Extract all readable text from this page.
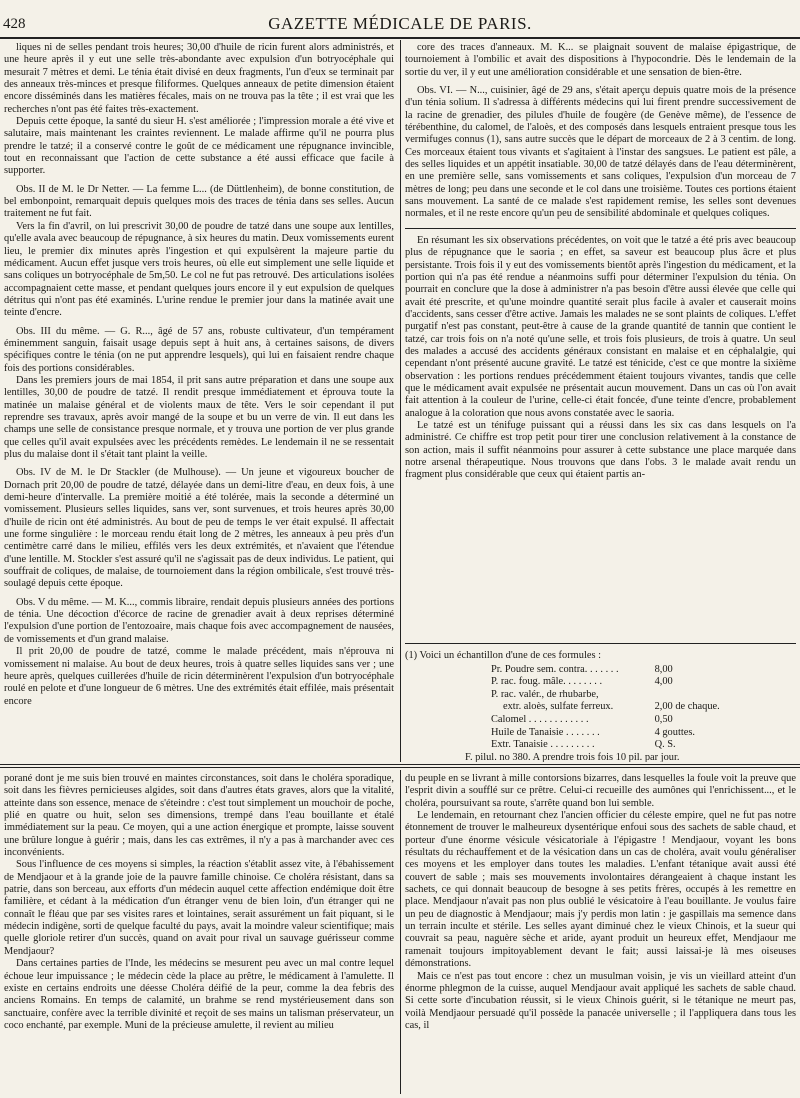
428	GAZETTE MÉDICALE DE PARIS.

liques ni de selles pendant trois heures; 30,00 d'huile de ricin furent alors administrés, et une heure après il y eut une selle très-abondante avec expulsion d'un botryocéphale qui mesurait 7 mètres et demi. Le ténia était divisé en deux fragments, l'un d'eux se terminait par des anneaux très-minces et presque filiformes. Quelques anneaux de petite dimension étaient encore disséminés dans les matières fécales, mais on ne trouva pas la tête ; il est vrai que les recherches n'ont pas été faites très-exactement.

Depuis cette époque, la santé du sieur H. s'est améliorée ; l'impression morale a été vive et salutaire, mais maintenant les craintes reviennent. Le malade affirme qu'il ne pourra plus prendre le tatzé; il a conservé contre le goût de ce médicament une répugnance invincible, tout en reconnaissant que l'action de cette substance a été aussi efficace que facile à supporter.

Obs. II de M. le Dr Netter. — La femme L... (de Düttlenheim), de bonne constitution, de bel embonpoint, remarquait depuis quelques mois des traces de ténia dans ses selles. Aucun traitement ne fut fait.

Vers la fin d'avril, on lui prescrivit 30,00 de poudre de tatzé dans une soupe aux lentilles, qu'elle avala avec beaucoup de répugnance, à six heures du matin. Deux vomissements eurent lieu, le premier dix minutes après l'ingestion et qui expulsèrent la majeure partie du médicament. Aucun effet jusque vers trois heures, où elle eut simplement une selle liquide et sans coliques un botryocéphale de 5m,50. Le col ne fut pas retrouvé. Des articulations isolées accompagnaient cette masse, et pendant quelques jours encore il y eut expulsion de quelques détritus qui n'ont pas été examinés. L'urine rendue le premier jour dans la matinée avait une teinte d'encre.

Obs. III du même. — G. R..., âgé de 57 ans, robuste cultivateur, d'un tempérament éminemment sanguin, faisait usage depuis sept à huit ans, à certaines saisons, de divers spécifiques contre le ténia (on ne put apprendre lesquels), qui lui en faisaient rendre chaque fois des portions considérables.

Dans les premiers jours de mai 1854, il prit sans autre préparation et dans une soupe aux lentilles, 30,00 de poudre de tatzé. Il rendit presque immédiatement et éprouva toute la matinée un malaise général et de violents maux de tête. Vers le soir cependant il put reprendre ses travaux, après avoir mangé de la soupe et bu un verre de vin. Il eut dans les champs une selle de consistance presque normale, et y trouva une portion de ver plus grande que celles qu'il avait expulsées avec les précédents remèdes. Le lendemain il ne se ressentait plus du malaise dont il s'était tant plaint la veille.

Obs. IV de M. le Dr Stackler (de Mulhouse). — Un jeune et vigoureux boucher de Dornach prit 20,00 de poudre de tatzé, délayée dans un demi-litre d'eau, en deux fois, à une demi-heure d'intervalle. La première moitié a été tolérée, mais la seconde a déterminé un vomissement. Plusieurs selles liquides, sans ver, sont survenues, et trois heures après 30,00 d'huile de ricin ont été administrés. Au bout de peu de temps le ver était expulsé. Il affectait une forme singulière : le morceau rendu était long de 2 mètres, les anneaux à peu près d'un centimètre carré dans le milieu, effilés vers les deux extrémités, et n'avaient que l'étendue d'une lentille. M. Stockler s'est assuré qu'il ne s'agissait pas de deux individus. Le patient, qui souffrait de coliques, de malaise, de tournoiement dans la région ombilicale, s'est trouvé très-soulagé depuis cette époque.

Obs. V du même. — M. K..., commis libraire, rendait depuis plusieurs années des portions de ténia. Une décoction d'écorce de racine de grenadier avait à deux reprises déterminé l'expulsion d'une portion de l'entozoaire, mais chaque fois avec accompagnement de nausées, de vomissements et d'un grand malaise.

Il prit 20,00 de poudre de tatzé, comme le malade précédent, mais n'éprouva ni vomissement ni malaise. Au bout de deux heures, trois à quatre selles liquides sans ver ; une heure après, quelques cuillerées d'huile de ricin déterminèrent l'expulsion d'un botryocéphale roulé en pelote et d'une longueur de 6 mètres. Une des extrémités était effilée, mais présentait encore

core des traces d'anneaux. M. K... se plaignait souvent de malaise épigastrique, de tournoiement à l'ombilic et avait des dispositions à l'hypocondrie. Dès le lendemain de la sortie du ver, il y eut une amélioration considérable et une sensation de bien-être.

Obs. VI. — N..., cuisinier, âgé de 29 ans, s'était aperçu depuis quatre mois de la présence d'un ténia solium. Il s'adressa à différents médecins qui lui firent prendre successivement de la racine de grenadier, des pilules d'huile de fougère (de Genève même), de l'essence de térébenthine, du calomel, de l'aloès, et des composés dans lesquels entraient presque tous les vermifuges connus (1), sans autre succès que le départ de morceaux de 2 à 3 centim. de long. Ces morceaux étaient tous vivants et s'agitaient à l'instar des sangsues. Le patient est pâle, a des selles liquides et un appétit insatiable. 30,00 de tatzé délayés dans de l'eau déterminèrent, en une première selle, sans vomissements et sans coliques, l'expulsion d'un morceau de 7 mètres de long; peu dans une seconde et le col dans une troisième. Toutes ces portions étaient sans mouvement. La santé de ce malade s'est rapidement remise, les selles sont devenues normales, et il ne reste encore qu'un peu de sensibilité abdominale et quelques coliques.

En résumant les six observations précédentes, on voit que le tatzé a été pris avec beaucoup plus de répugnance que le saoria ; en effet, sa saveur est beaucoup plus âcre et plus persistante. Trois fois il y eut des vomissements bientôt après l'ingestion du médicament, et la portion qui n'a pas été rendue a néanmoins suffi pour déterminer l'expulsion du ténia. On pourrait en conclure que la dose à administrer n'a pas besoin d'être aussi élevée que celle qui avait été prescrite, et qu'une moindre quantité serait plus facile à avaler et causerait moins d'accidents, sans cesser d'être active. Jamais les malades ne se sont plaints de coliques. L'effet purgatif n'est pas constant, peut-être à cause de la grande quantité de tannin que contient le tatzé, car trois fois on n'a noté qu'une selle, et trois fois plusieurs, de trois à quatre. Un seul des malades a accusé des accidents généraux consistant en malaise et en céphalalgie, qui cependant n'ont présenté aucune gravité. Le tatzé est ténicide, c'est ce que montre la sixième observation : les portions rendues précédemment étaient toujours vivantes, tandis que celle que le médicament avait expulsée ne présentait aucun mouvement. Dans un cas où l'on avait fait attention à la couleur de l'urine, celle-ci était foncée, d'une teinte d'encre, probablement analogue à la coloration que nous avons constatée avec le saoria.

Le tatzé est un ténifuge puissant qui a réussi dans les six cas dans lesquels on l'a administré. Ce chiffre est trop petit pour tirer une conclusion relativement à la constance de son action, mais il suffit néanmoins pour assurer à cette substance une place marquée dans notre arsenal thérapeutique. Nous trouvons que dans l'obs. 3 le malade avait rendu un fragment plus considérable que ceux qui étaient partis an-

(1) Voici un échantillon d'une de ces formules :

Pr. Poudre sem. contra. . . . . . .	8,00
P. rac. foug. mâle. . . . . . . .	4,00
P. rac. valér., de rhubarbe,	
extr. aloès, sulfate ferreux.	2,00 de chaque.
Calomel . . . . . . . . . . . .	0,50
Huile de Tanaisie . . . . . . .	4 gouttes.
Extr. Tanaisie . . . . . . . . .	Q. S.

F. pilul. no 380. A prendre trois fois 10 pil. par jour.

porané dont je me suis bien trouvé en maintes circonstances, soit dans le choléra sporadique, soit dans les fièvres pernicieuses algides, soit dans d'autres états graves, alors que la vitalité, atteinte dans son essence, menace de s'éteindre : c'est tout simplement un mouchoir de poche, plié en quatre ou huit, selon ses dimensions, trempé dans l'eau bouillante et étalé immédiatement sur la peau. Ce moyen, qui a une action énergique et prompte, laisse souvent une brûlure longue à guérir ; mais, dans les cas extrêmes, il n'y a pas à marchander avec ces inconvénients.

Sous l'influence de ces moyens si simples, la réaction s'établit assez vite, à l'ébahissement de Mendjaour et à la grande joie de la pauvre famille chinoise. Ce choléra résistant, dans sa patrie, dans son berceau, aux efforts d'un médecin auquel cette affection endémique doit être familière, et cédant à la médication d'un étranger venu de bien loin, d'un étranger qui ne connaît le fléau que par ses visites rares et lointaines, serait assurément un fait piquant, si le médecin indigène, sorti de quelque faculté du pays, avait la moindre valeur scientifique; mais quelle gloriole retirer d'un succès, quand on avait pour rival un sauvage guérisseur comme Mendjaour?

Dans certaines parties de l'Inde, les médecins se mesurent peu avec un mal contre lequel échoue leur impuissance ; le médecin cède la place au prêtre, le médicament à l'amulette. Il existe en certains endroits une déesse Choléra déifié de la peur, comme la dea febris des anciens Romains. En temps de calamité, un brahme se rend mystérieusement dans son sanctuaire, confère avec la terrible divinité et reçoit de ses mains un talisman préservateur, un coco enchanté, par exemple. Muni de la précieuse amulette, il revient au milieu

du peuple en se livrant à mille contorsions bizarres, dans lesquelles la foule voit la preuve que l'esprit divin a soufflé sur ce prêtre. Celui-ci recueille des aumônes qui l'enrichissent..., et le choléra, poursuivant sa route, s'arrête quand bon lui semble.

Le lendemain, en retournant chez l'ancien officier du céleste empire, quel ne fut pas notre étonnement de trouver le malheureux dysentérique enfoui sous des sachets de sable chaud, et porteur d'une énorme vésicule vésicatoriale à l'épigastre ! Mendjaour, voyant les bons résultats du réchauffement et de la vésication dans un cas de choléra, avait voulu généraliser ces moyens et les employer dans toutes les maladies. L'enfant tétanique avait aussi été couvert de sable ; mais ses mouvements involontaires dérangeaient à chaque instant les sachets, ce qui donnait beaucoup de besogne à ses petits frères, occupés à les remettre en place. Mendjaour n'avait pas non plus oublié le vésicatoire à l'eau bouillante. Je voulus faire un peu de diagnostic à Mendjaour; mais j'y perdis mon latin : je gaspillais ma semence dans un terrain inculte et stérile. Les selles ayant diminué chez le vieux Chinois, et la sueur qui couvrait sa peau, naguère sèche et aride, ayant produit un heureux effet, Mendjaour me ramenait toujours impitoyablement devant le fait; aussi laissai-je là mes oiseuses démonstrations.

Mais ce n'est pas tout encore : chez un musulman voisin, je vis un vieillard atteint d'un énorme phlegmon de la cuisse, auquel Mendjaour avait appliqué les sachets de sable chaud. Si cette sorte d'incubation réussit, si le vieux Chinois guérit, si le tétanique ne meurt pas, voilà Mendjaour persuadé qu'il possède la panacée universelle ; il l'appliquera dans tous les cas, il
